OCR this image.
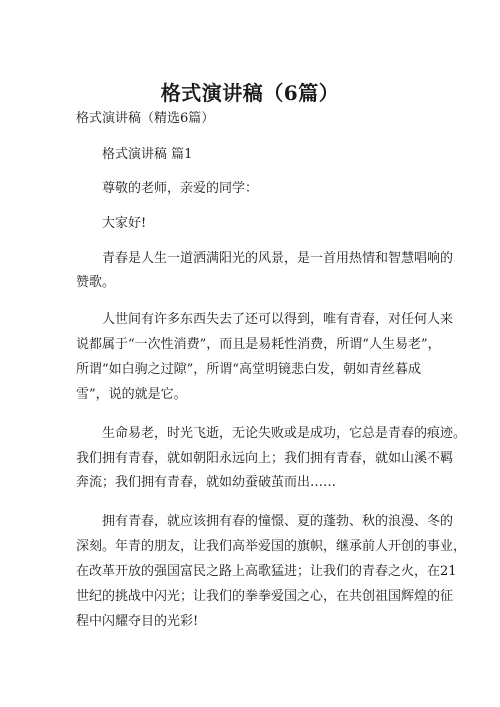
格式演讲稿（6篇）
格式演讲稿（精选6篇）
格式演讲稿 篇1
尊敬的老师，亲爱的同学：
大家好!
青春是人生一道洒满阳光的风景，是一首用热情和智慧唱响的
赞歌。
人世间有许多东西失去了还可以得到，唯有青春，对任何人来
说都属于“一次性消费”，而且是易耗性消费，所谓“人生易老”，
所谓“如白驹之过隙”，所谓“高堂明镜悲白发，朝如青丝暮成
雪”，说的就是它。
生命易老，时光飞逝，无论失败或是成功，它总是青春的痕迹。
我们拥有青春，就如朝阳永远向上；我们拥有青春，就如山溪不羁
奔流；我们拥有青春，就如幼蚕破茧而出……
拥有青春，就应该拥有春的憧憬、夏的蓬勃、秋的浪漫、冬的
深刻。年青的朋友，让我们高举爱国的旗帜，继承前人开创的事业，
在改革开放的强国富民之路上高歌猛进；让我们的青春之火，在21
世纪的挑战中闪光；让我们的拳拳爱国之心，在共创祖国辉煌的征
程中闪耀夺目的光彩!
